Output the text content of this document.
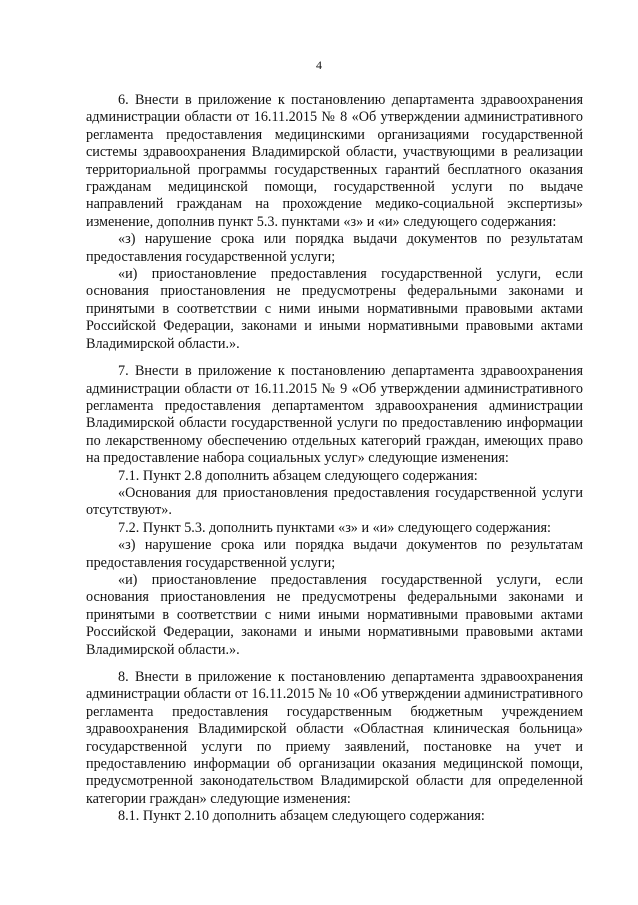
4

6. Внести в приложение к постановлению департамента здравоохранения администрации области от 16.11.2015 № 8 «Об утверждении административного регламента предоставления медицинскими организациями государственной системы здравоохранения Владимирской области, участвующими в реализации территориальной программы государственных гарантий бесплатного оказания гражданам медицинской помощи, государственной услуги по выдаче направлений гражданам на прохождение медико-социальной экспертизы» изменение, дополнив пункт 5.3. пунктами «з» и «и» следующего содержания:

«з) нарушение срока или порядка выдачи документов по результатам предоставления государственной услуги;

«и) приостановление предоставления государственной услуги, если основания приостановления не предусмотрены федеральными законами и принятыми в соответствии с ними иными нормативными правовыми актами Российской Федерации, законами и иными нормативными правовыми актами Владимирской области.».

7. Внести в приложение к постановлению департамента здравоохранения администрации области от 16.11.2015 № 9 «Об утверждении административного регламента предоставления департаментом здравоохранения администрации Владимирской области государственной услуги по предоставлению информации по лекарственному обеспечению отдельных категорий граждан, имеющих право на предоставление набора социальных услуг» следующие изменения:

7.1. Пункт 2.8 дополнить абзацем следующего содержания:

«Основания для приостановления предоставления государственной услуги отсутствуют».

7.2. Пункт 5.3. дополнить пунктами «з» и «и» следующего содержания:

«з) нарушение срока или порядка выдачи документов по результатам предоставления государственной услуги;

«и) приостановление предоставления государственной услуги, если основания приостановления не предусмотрены федеральными законами и принятыми в соответствии с ними иными нормативными правовыми актами Российской Федерации, законами и иными нормативными правовыми актами Владимирской области.».

8. Внести в приложение к постановлению департамента здравоохранения администрации области от 16.11.2015 № 10 «Об утверждении административного регламента предоставления государственным бюджетным учреждением здравоохранения Владимирской области «Областная клиническая больница» государственной услуги по приему заявлений, постановке на учет и предоставлению информации об организации оказания медицинской помощи, предусмотренной законодательством Владимирской области для определенной категории граждан» следующие изменения:

8.1. Пункт 2.10 дополнить абзацем следующего содержания:
